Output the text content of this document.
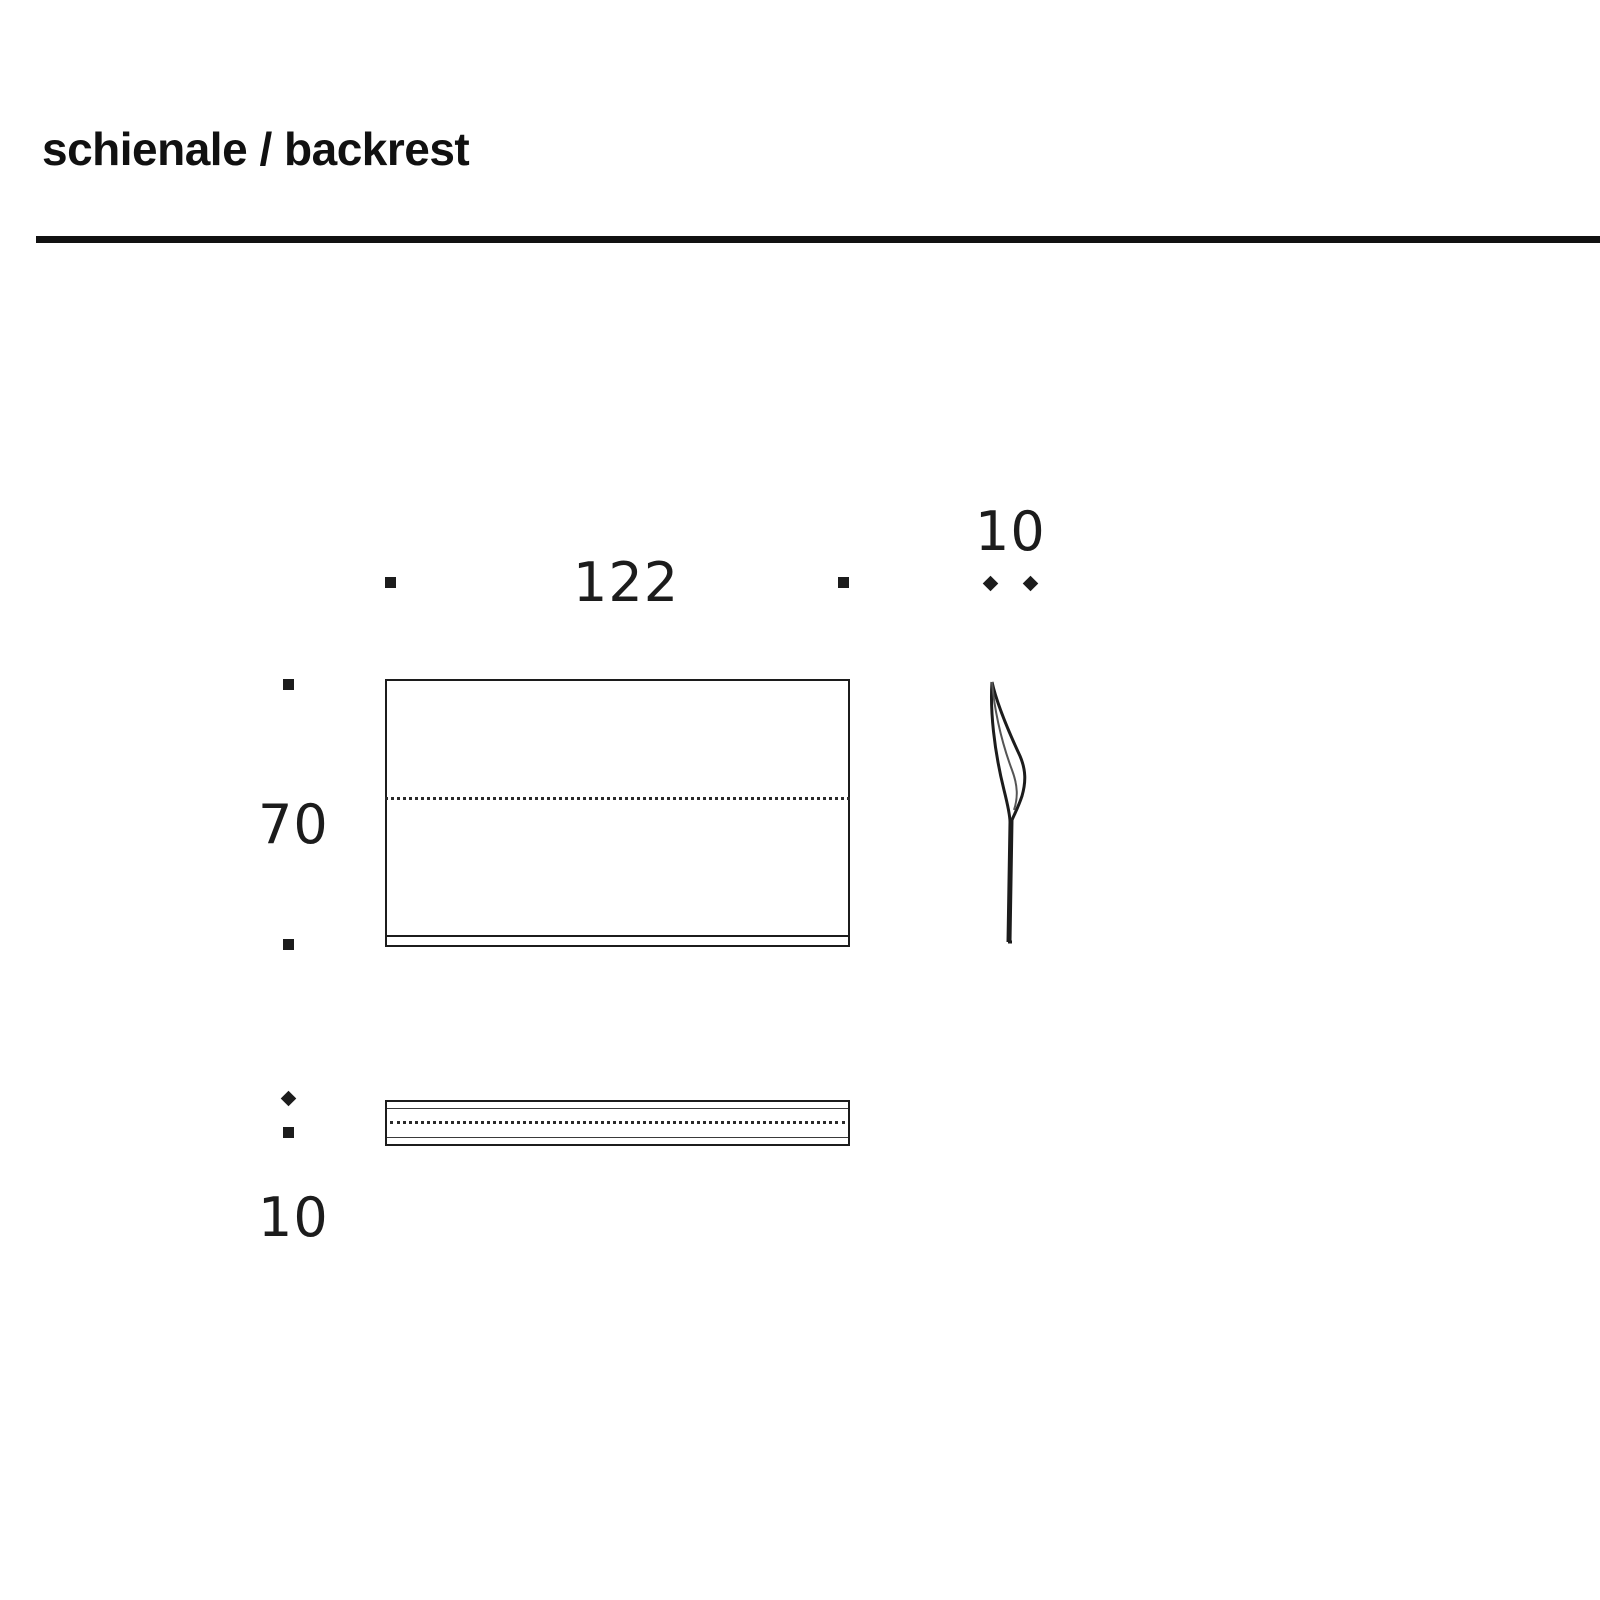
schienale / backrest
122
70
10
10
